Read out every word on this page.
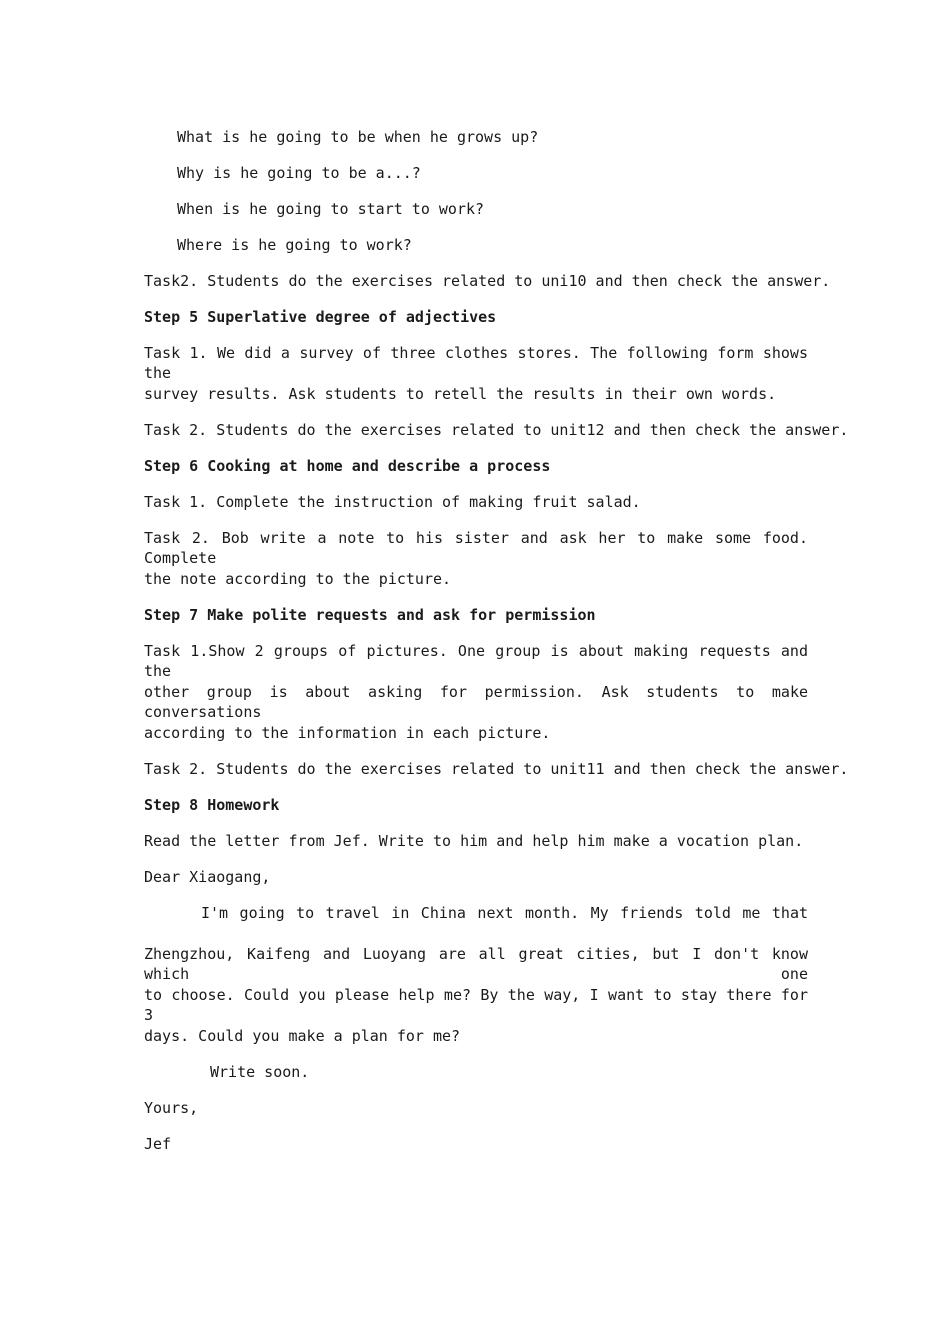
What is he going to be when he grows up?
Why is he going to be a...?
When is he going to start to work?
Where is he going to work?
Task2. Students do the exercises related to uni10 and then check the answer.
Step 5 Superlative degree of adjectives
Task 1. We did a survey of three clothes stores. The following form shows the
survey results. Ask students to retell the results in their own words.
Task 2. Students do the exercises related to unit12 and then check the answer.
Step 6 Cooking at home and describe a process
Task 1. Complete the instruction of making fruit salad.
Task 2. Bob write a note to his sister and ask her to make some food. Complete
the note according to the picture.
Step 7 Make polite requests and ask for permission
Task 1.Show 2 groups of pictures. One group is about making requests and the
other group is about asking for permission. Ask students to make conversations
according to the information in each picture.
Task 2. Students do the exercises related to unit11 and then check the answer.
Step 8 Homework
Read the letter from Jef. Write to him and help him make a vocation plan.
Dear Xiaogang,
I'm going to travel in China next month. My friends told me that
Zhengzhou, Kaifeng and Luoyang are all great cities, but I don't know which one
to choose. Could you please help me? By the way, I want to stay there for 3
days. Could you make a plan for me?
Write soon.
Yours,
Jef
